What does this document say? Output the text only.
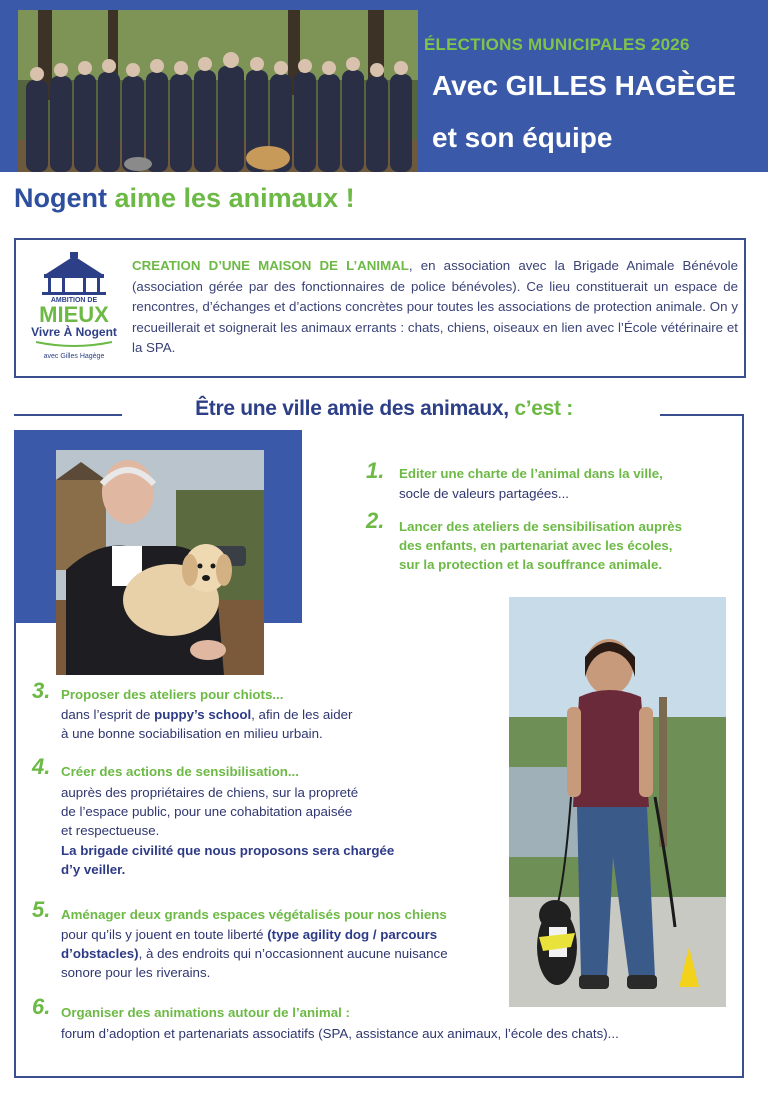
ÉLECTIONS MUNICIPALES 2026
Avec GILLES HAGÈGE
et son équipe
Nogent aime les animaux !
AMBITION DE
MIEUX
Vivre À Nogent
avec Gilles Hagège
CREATION D’UNE MAISON DE L’ANIMAL, en association avec la Brigade Animale Bénévole (association gérée par des fonctionnaires de police bénévoles). Ce lieu constituerait un espace de rencontres, d’échanges et d’actions concrètes pour toutes les associations de protection animale. On y recueillerait et soignerait les animaux errants : chats, chiens, oiseaux en lien avec l’École vétérinaire et la SPA.
Être une ville amie des animaux, c’est :
1. Editer une charte de l’animal dans la ville,
socle de valeurs partagées...
2. Lancer des ateliers de sensibilisation auprès
des enfants, en partenariat avec les écoles,
sur la protection et la souffrance animale.
3. Proposer des ateliers pour chiots...
dans l’esprit de puppy’s school, afin de les aider
à une bonne sociabilisation en milieu urbain.
4. Créer des actions de sensibilisation...
auprès des propriétaires de chiens, sur la propreté
de l’espace public, pour une cohabitation apaisée
et respectueuse.
La brigade civilité que nous proposons sera chargée
d’y veiller.
5. Aménager deux grands espaces végétalisés pour nos chiens
pour qu’ils y jouent en toute liberté (type agility dog / parcours
d’obstacles), à des endroits qui n’occasionnent aucune nuisance
sonore pour les riverains.
6. Organiser des animations autour de l’animal :
forum d’adoption et partenariats associatifs (SPA, assistance aux animaux, l’école des chats)...
